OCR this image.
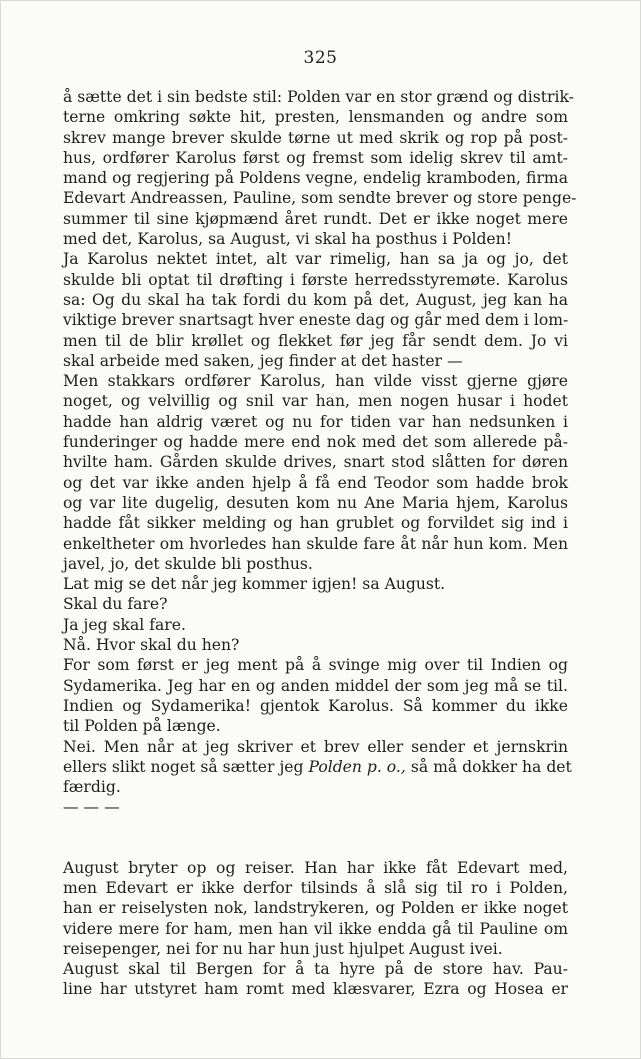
325
å sætte det i sin bedste stil: Polden var en stor grænd og distrik-
terne omkring søkte hit, presten, lensmanden og andre som
skrev mange brever skulde tørne ut med skrik og rop på post-
hus, ordfører Karolus først og fremst som idelig skrev til amt-
mand og regjering på Poldens vegne, endelig kramboden, firma
Edevart Andreassen, Pauline, som sendte brever og store penge-
summer til sine kjøpmænd året rundt. Det er ikke noget mere
med det, Karolus, sa August, vi skal ha posthus i Polden!
Ja Karolus nektet intet, alt var rimelig, han sa ja og jo, det
skulde bli optat til drøfting i første herredsstyremøte. Karolus
sa: Og du skal ha tak fordi du kom på det, August, jeg kan ha
viktige brever snartsagt hver eneste dag og går med dem i lom-
men til de blir krøllet og flekket før jeg får sendt dem. Jo vi
skal arbeide med saken, jeg finder at det haster —
Men stakkars ordfører Karolus, han vilde visst gjerne gjøre
noget, og velvillig og snil var han, men nogen husar i hodet
hadde han aldrig været og nu for tiden var han nedsunken i
funderinger og hadde mere end nok med det som allerede på-
hvilte ham. Gården skulde drives, snart stod slåtten for døren
og det var ikke anden hjelp å få end Teodor som hadde brok
og var lite dugelig, desuten kom nu Ane Maria hjem, Karolus
hadde fåt sikker melding og han grublet og forvildet sig ind i
enkeltheter om hvorledes han skulde fare åt når hun kom. Men
javel, jo, det skulde bli posthus.
Lat mig se det når jeg kommer igjen! sa August.
Skal du fare?
Ja jeg skal fare.
Nå. Hvor skal du hen?
For som først er jeg ment på å svinge mig over til Indien og
Sydamerika. Jeg har en og anden middel der som jeg må se til.
Indien og Sydamerika! gjentok Karolus. Så kommer du ikke
til Polden på længe.
Nei. Men når at jeg skriver et brev eller sender et jernskrin
ellers slikt noget så sætter jeg Polden p. o., så må dokker ha det
færdig.
— — —
August bryter op og reiser. Han har ikke fåt Edevart med,
men Edevart er ikke derfor tilsinds å slå sig til ro i Polden,
han er reiselysten nok, landstrykeren, og Polden er ikke noget
videre mere for ham, men han vil ikke endda gå til Pauline om
reisepenger, nei for nu har hun just hjulpet August ivei.
August skal til Bergen for å ta hyre på de store hav. Pau-
line har utstyret ham romt med klæsvarer, Ezra og Hosea er
